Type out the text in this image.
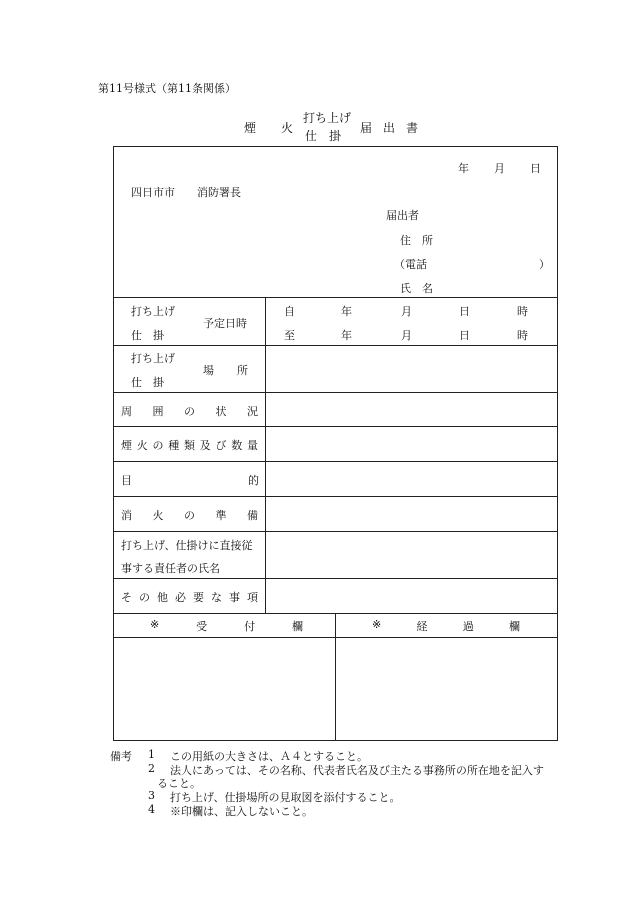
第11号様式（第11条関係）
煙 火
打ち上げ
仕　掛
届 出 書
年 月 日
四日市市　　消防署長
届出者
住　所
（電話	）
氏　名
打ち上げ
仕　掛
予定日時
自	年	月	日	時
至	年	月	日	時
打ち上げ
仕　掛
場 所
周 囲 の 状 況
煙 火 の 種 類 及 び 数 量
目	的
消 火 の 準 備
打ち上げ、仕掛けに直接従
事する責任者の氏名
そ の 他 必 要 な 事 項
※	受	付	欄	※	経	過	欄
備考 1 この用紙の大きさは、Ａ４とすること。
2 法人にあっては、その名称、代表者氏名及び主たる事務所の所在地を記入す
ること。
3 打ち上げ、仕掛場所の見取図を添付すること。
4 ※印欄は、記入しないこと。
